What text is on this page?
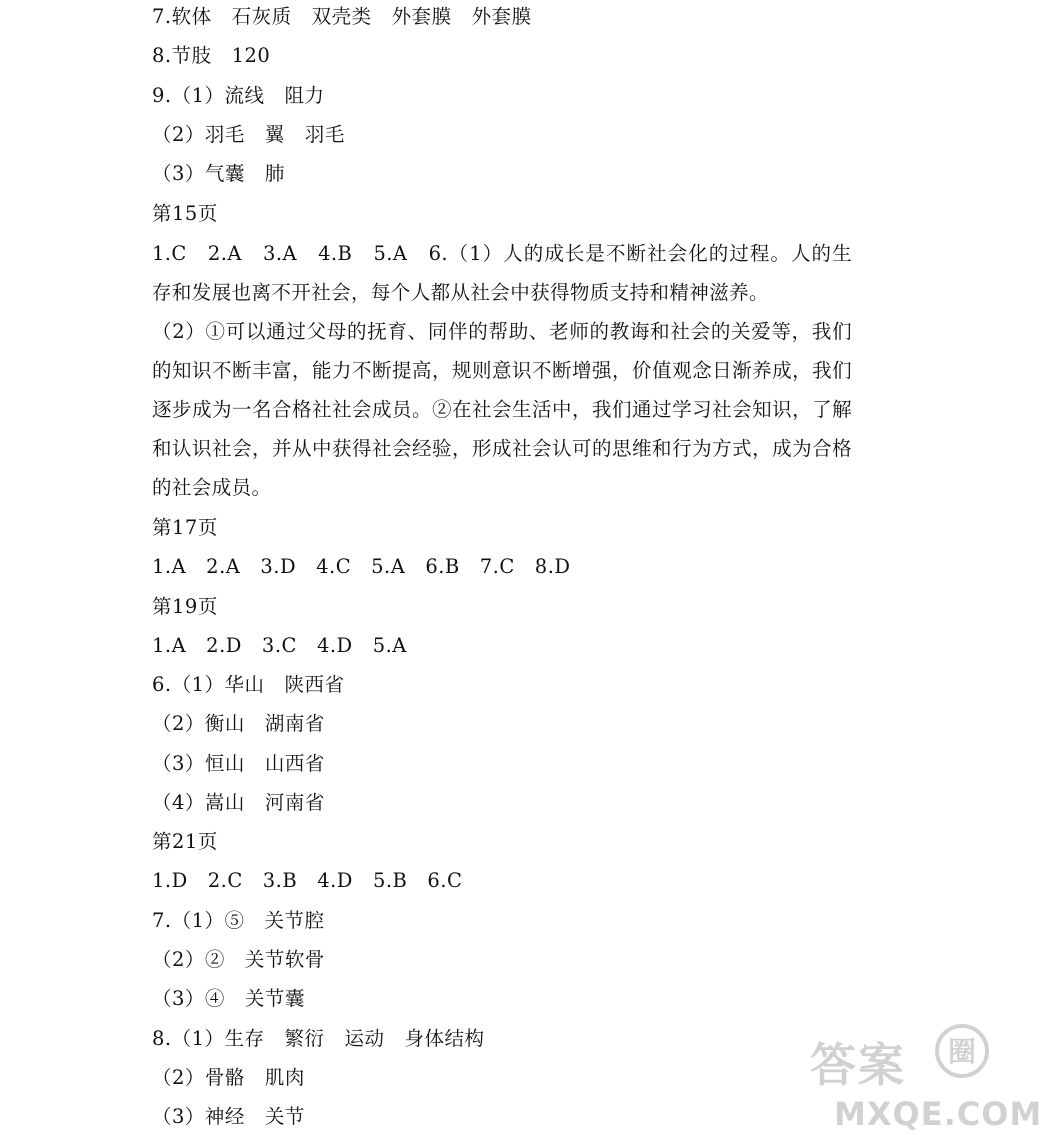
7.软体　石灰质　双壳类　外套膜　外套膜
8.节肢　120
9.（1）流线　阻力
（2）羽毛　翼　羽毛
（3）气囊　肺
第15页
1.C　2.A　3.A　4.B　5.A　6.（1）人的成长是不断社会化的过程。人的生存和发展也离不开社会，每个人都从社会中获得物质支持和精神滋养。
（2）①可以通过父母的抚育、同伴的帮助、老师的教诲和社会的关爱等，我们的知识不断丰富，能力不断提高，规则意识不断增强，价值观念日渐养成，我们逐步成为一名合格社社会成员。②在社会生活中，我们通过学习社会知识，了解和认识社会，并从中获得社会经验，形成社会认可的思维和行为方式，成为合格的社会成员。
第17页
1.A　2.A　3.D　4.C　5.A　6.B　7.C　8.D
第19页
1.A　2.D　3.C　4.D　5.A
6.（1）华山　陕西省
（2）衡山　湖南省
（3）恒山　山西省
（4）嵩山　河南省
第21页
1.D　2.C　3.B　4.D　5.B　6.C
7.（1）⑤　关节腔
（2）②　关节软骨
（3）④　关节囊
8.（1）生存　繁衍　运动　身体结构
（2）骨骼　肌肉
（3）神经　关节
答案 圈
MXQE.COM
